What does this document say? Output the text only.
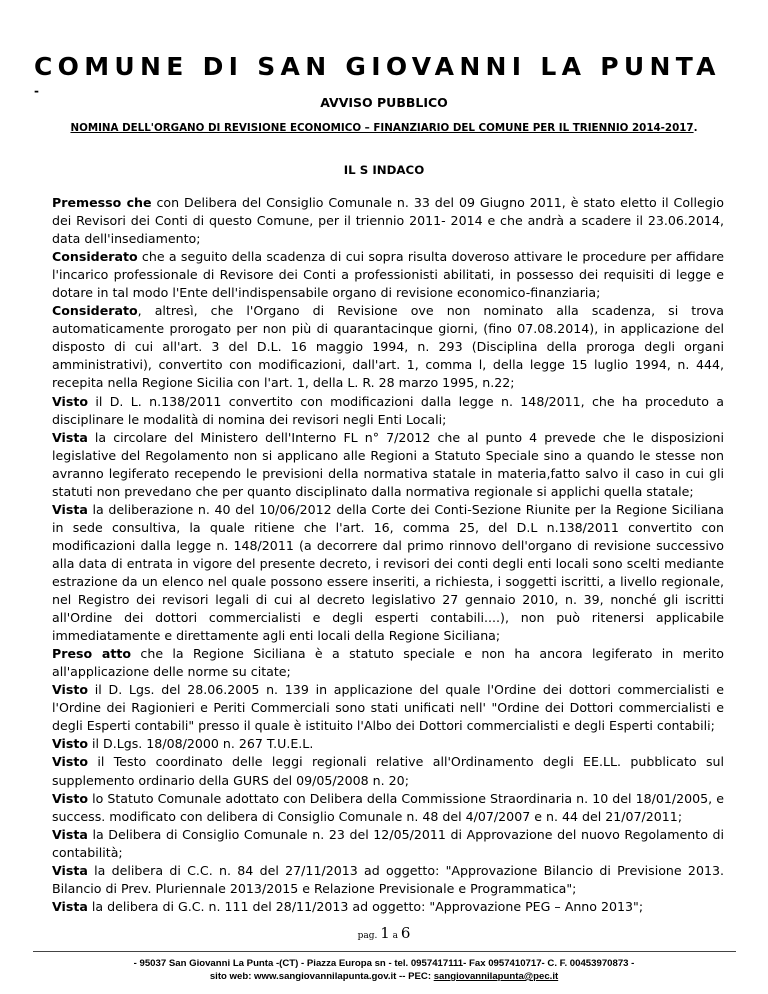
COMUNE DI SAN GIOVANNI LA PUNTA
-
AVVISO PUBBLICO
NOMINA DELL'ORGANO DI REVISIONE ECONOMICO – FINANZIARIO DEL COMUNE PER IL TRIENNIO 2014-2017.
IL S INDACO

Premesso che con Delibera del Consiglio Comunale n. 33 del 09 Giugno 2011, è stato eletto il Collegio dei Revisori dei Conti di questo Comune, per il triennio 2011- 2014 e che andrà a scadere il 23.06.2014, data dell'insediamento;

Considerato che a seguito della scadenza di cui sopra risulta doveroso attivare le procedure per affidare l'incarico professionale di Revisore dei Conti a professionisti abilitati, in possesso dei requisiti di legge e dotare in tal modo l'Ente dell'indispensabile organo di revisione economico-finanziaria;

Considerato, altresì, che l'Organo di Revisione ove non nominato alla scadenza, si trova automaticamente prorogato per non più di quarantacinque giorni, (fino 07.08.2014), in applicazione del disposto di cui all'art. 3 del D.L. 16 maggio 1994, n. 293 (Disciplina della proroga degli organi amministrativi), convertito con modificazioni, dall'art. 1, comma l, della legge 15 luglio 1994, n. 444, recepita nella Regione Sicilia con l'art. 1, della L. R. 28 marzo 1995, n.22;

Visto il D. L. n.138/2011 convertito con modificazioni dalla legge n. 148/2011, che ha proceduto a disciplinare le modalità di nomina dei revisori negli Enti Locali;

Vista la circolare del Ministero dell'Interno FL n° 7/2012 che al punto 4 prevede che le disposizioni legislative del Regolamento non si applicano alle Regioni a Statuto Speciale sino a quando le stesse non avranno legiferato recependo le previsioni della normativa statale in materia,fatto salvo il caso in cui gli statuti non prevedano che per quanto disciplinato dalla normativa regionale si applichi quella statale;

Vista la deliberazione n. 40 del 10/06/2012 della Corte dei Conti-Sezione Riunite per la Regione Siciliana in sede consultiva, la quale ritiene che l'art. 16, comma 25, del D.L n.138/2011 convertito con modificazioni dalla legge n. 148/2011 (a decorrere dal primo rinnovo dell'organo di revisione successivo alla data di entrata in vigore del presente decreto, i revisori dei conti degli enti locali sono scelti mediante estrazione da un elenco nel quale possono essere inseriti, a richiesta, i soggetti iscritti, a livello regionale, nel Registro dei revisori legali di cui al decreto legislativo 27 gennaio 2010, n. 39, nonché gli iscritti all'Ordine dei dottori commercialisti e degli esperti contabili....), non può ritenersi applicabile immediatamente e direttamente agli enti locali della Regione Siciliana;

Preso atto che la Regione Siciliana è a statuto speciale e non ha ancora legiferato in merito all'applicazione delle norme su citate;

Visto il D. Lgs. del 28.06.2005 n. 139 in applicazione del quale l'Ordine dei dottori commercialisti e l'Ordine dei Ragionieri e Periti Commerciali sono stati unificati nell' "Ordine dei Dottori commercialisti e degli Esperti contabili" presso il quale è istituito l'Albo dei Dottori commercialisti e degli Esperti contabili;

Visto il D.Lgs. 18/08/2000 n. 267 T.U.E.L.

Visto il Testo coordinato delle leggi regionali relative all'Ordinamento degli EE.LL. pubblicato sul supplemento ordinario della GURS del 09/05/2008 n. 20;

Visto lo Statuto Comunale adottato con Delibera della Commissione Straordinaria n. 10 del 18/01/2005, e success. modificato con delibera di Consiglio Comunale n. 48 del 4/07/2007 e n. 44 del 21/07/2011;

Vista la Delibera di Consiglio Comunale n. 23 del 12/05/2011 di Approvazione del nuovo Regolamento di contabilità;

Vista la delibera di C.C. n. 84 del 27/11/2013 ad oggetto: "Approvazione Bilancio di Previsione 2013. Bilancio di Prev. Pluriennale 2013/2015 e Relazione Previsionale e Programmatica";

Vista la delibera di G.C. n. 111 del 28/11/2013 ad oggetto: "Approvazione PEG – Anno 2013";

pag. 1 a 6
- 95037 San Giovanni La Punta -(CT) - Piazza Europa sn - tel. 0957417111- Fax 0957410717- C. F. 00453970873 -
sito web: www.sangiovannilapunta.gov.it -- PEC: sangiovannilapunta@pec.it
